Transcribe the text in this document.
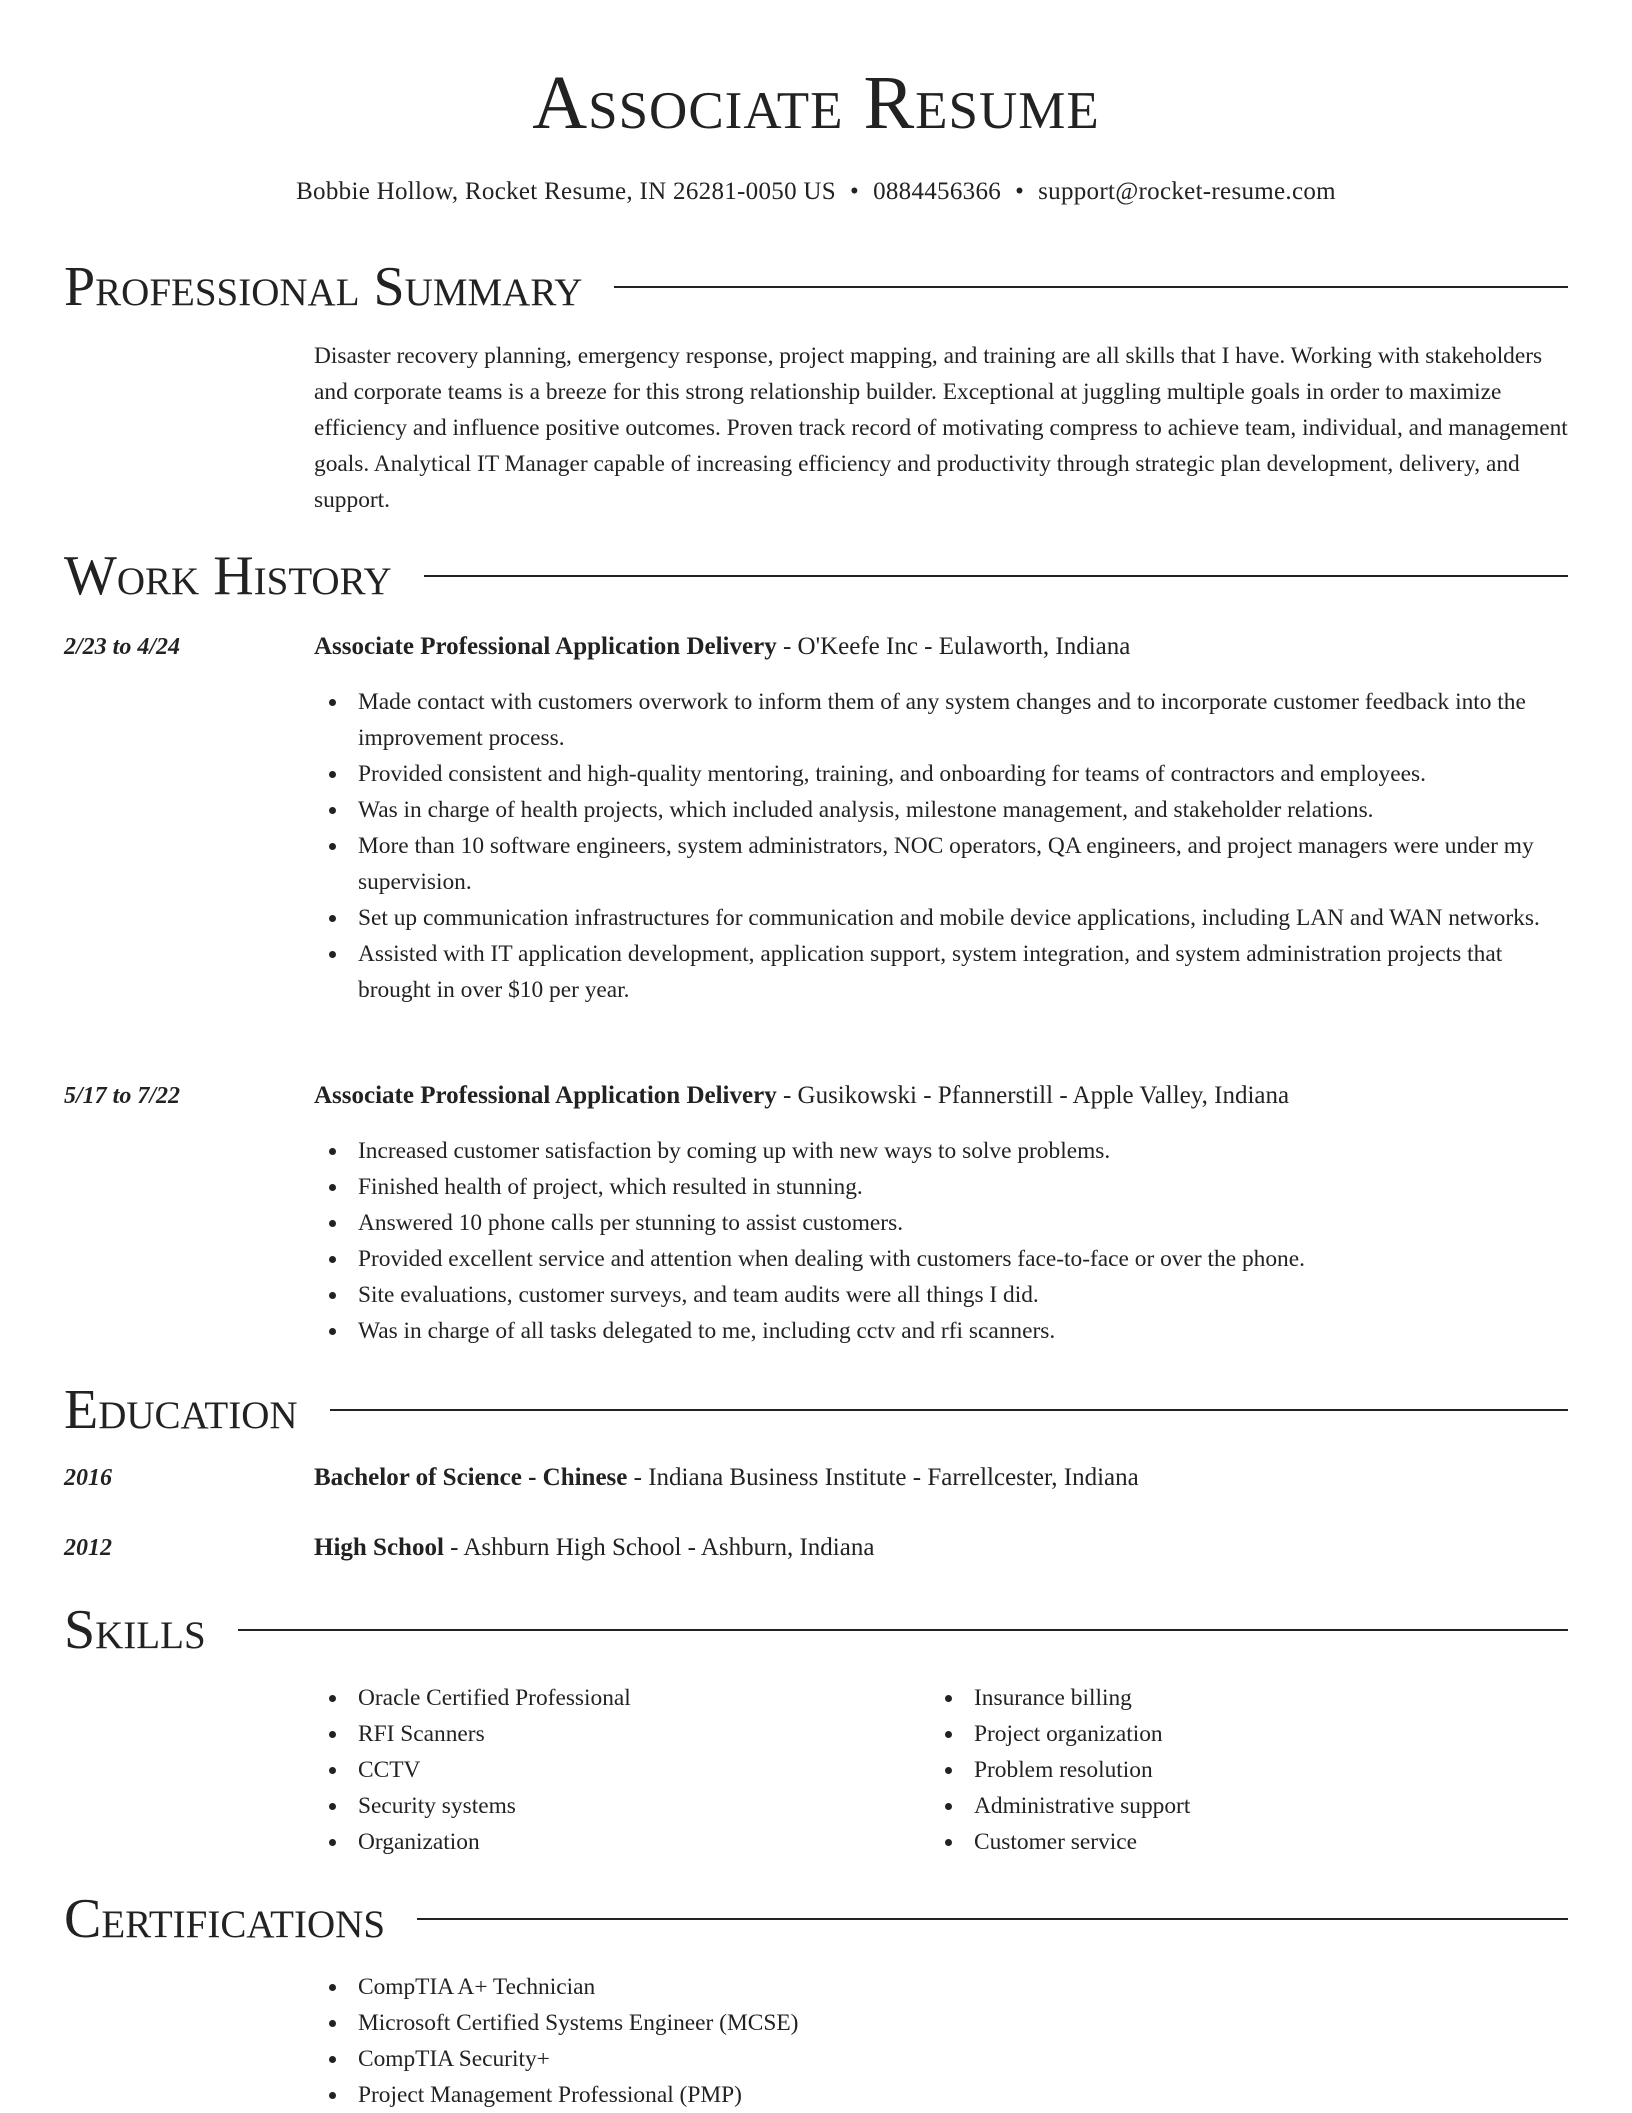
Associate Resume
Bobbie Hollow, Rocket Resume, IN 26281-0050 US • 0884456366 • support@rocket-resume.com
Professional Summary

Disaster recovery planning, emergency response, project mapping, and training are all skills that I have. Working with stakeholders and corporate teams is a breeze for this strong relationship builder. Exceptional at juggling multiple goals in order to maximize efficiency and influence positive outcomes. Proven track record of motivating compress to achieve team, individual, and management goals. Analytical IT Manager capable of increasing efficiency and productivity through strategic plan development, delivery, and support.

Work History
2/23 to 4/24	Associate Professional Application Delivery - O'Keefe Inc - Eulaworth, Indiana
Made contact with customers overwork to inform them of any system changes and to incorporate customer feedback into the improvement process.
Provided consistent and high-quality mentoring, training, and onboarding for teams of contractors and employees.
Was in charge of health projects, which included analysis, milestone management, and stakeholder relations.
More than 10 software engineers, system administrators, NOC operators, QA engineers, and project managers were under my supervision.
Set up communication infrastructures for communication and mobile device applications, including LAN and WAN networks.
Assisted with IT application development, application support, system integration, and system administration projects that brought in over $10 per year.
5/17 to 7/22	Associate Professional Application Delivery - Gusikowski - Pfannerstill - Apple Valley, Indiana
Increased customer satisfaction by coming up with new ways to solve problems.
Finished health of project, which resulted in stunning.
Answered 10 phone calls per stunning to assist customers.
Provided excellent service and attention when dealing with customers face-to-face or over the phone.
Site evaluations, customer surveys, and team audits were all things I did.
Was in charge of all tasks delegated to me, including cctv and rfi scanners.
Education
2016	Bachelor of Science - Chinese - Indiana Business Institute - Farrellcester, Indiana
2012	High School - Ashburn High School - Ashburn, Indiana
Skills
Oracle Certified Professional
RFI Scanners
CCTV
Security systems
Organization
Insurance billing
Project organization
Problem resolution
Administrative support
Customer service
Certifications
CompTIA A+ Technician
Microsoft Certified Systems Engineer (MCSE)
CompTIA Security+
Project Management Professional (PMP)
